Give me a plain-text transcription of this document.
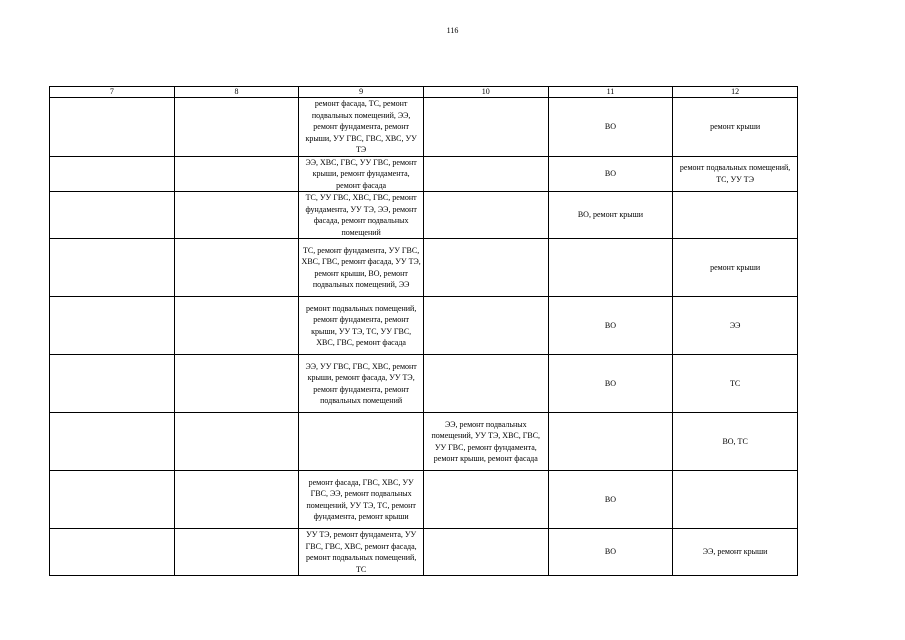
116
7	8	9	10	11	12
		ремонт фасада, ТС, ремонт подвальных помещений, ЭЭ, ремонт фундамента, ремонт крыши, УУ ГВС, ГВС, ХВС, УУ ТЭ		ВО	ремонт крыши
		ЭЭ, ХВС, ГВС, УУ ГВС, ремонт крыши, ремонт фундамента, ремонт фасада		ВО	ремонт подвальных помещений, ТС, УУ ТЭ
		ТС, УУ ГВС, ХВС, ГВС, ремонт фундамента, УУ ТЭ, ЭЭ, ремонт фасада, ремонт подвальных помещений		ВО, ремонт крыши	
		ТС, ремонт фундамента, УУ ГВС, ХВС, ГВС, ремонт фасада, УУ ТЭ, ремонт крыши, ВО, ремонт подвальных помещений, ЭЭ			ремонт крыши
		ремонт подвальных помещений, ремонт фундамента, ремонт крыши, УУ ТЭ, ТС, УУ ГВС, ХВС, ГВС, ремонт фасада		ВО	ЭЭ
		ЭЭ, УУ ГВС, ГВС, ХВС, ремонт крыши, ремонт фасада, УУ ТЭ, ремонт фундамента, ремонт подвальных помещений		ВО	ТС
			ЭЭ, ремонт подвальных помещений, УУ ТЭ, ХВС, ГВС, УУ ГВС, ремонт фундамента, ремонт крыши, ремонт фасада		ВО, ТС
		ремонт фасада, ГВС, ХВС, УУ ГВС, ЭЭ, ремонт подвальных помещений, УУ ТЭ, ТС, ремонт фундамента, ремонт крыши		ВО	
		УУ ТЭ, ремонт фундамента, УУ ГВС, ГВС, ХВС, ремонт фасада, ремонт подвальных помещений, ТС		ВО	ЭЭ, ремонт крыши
